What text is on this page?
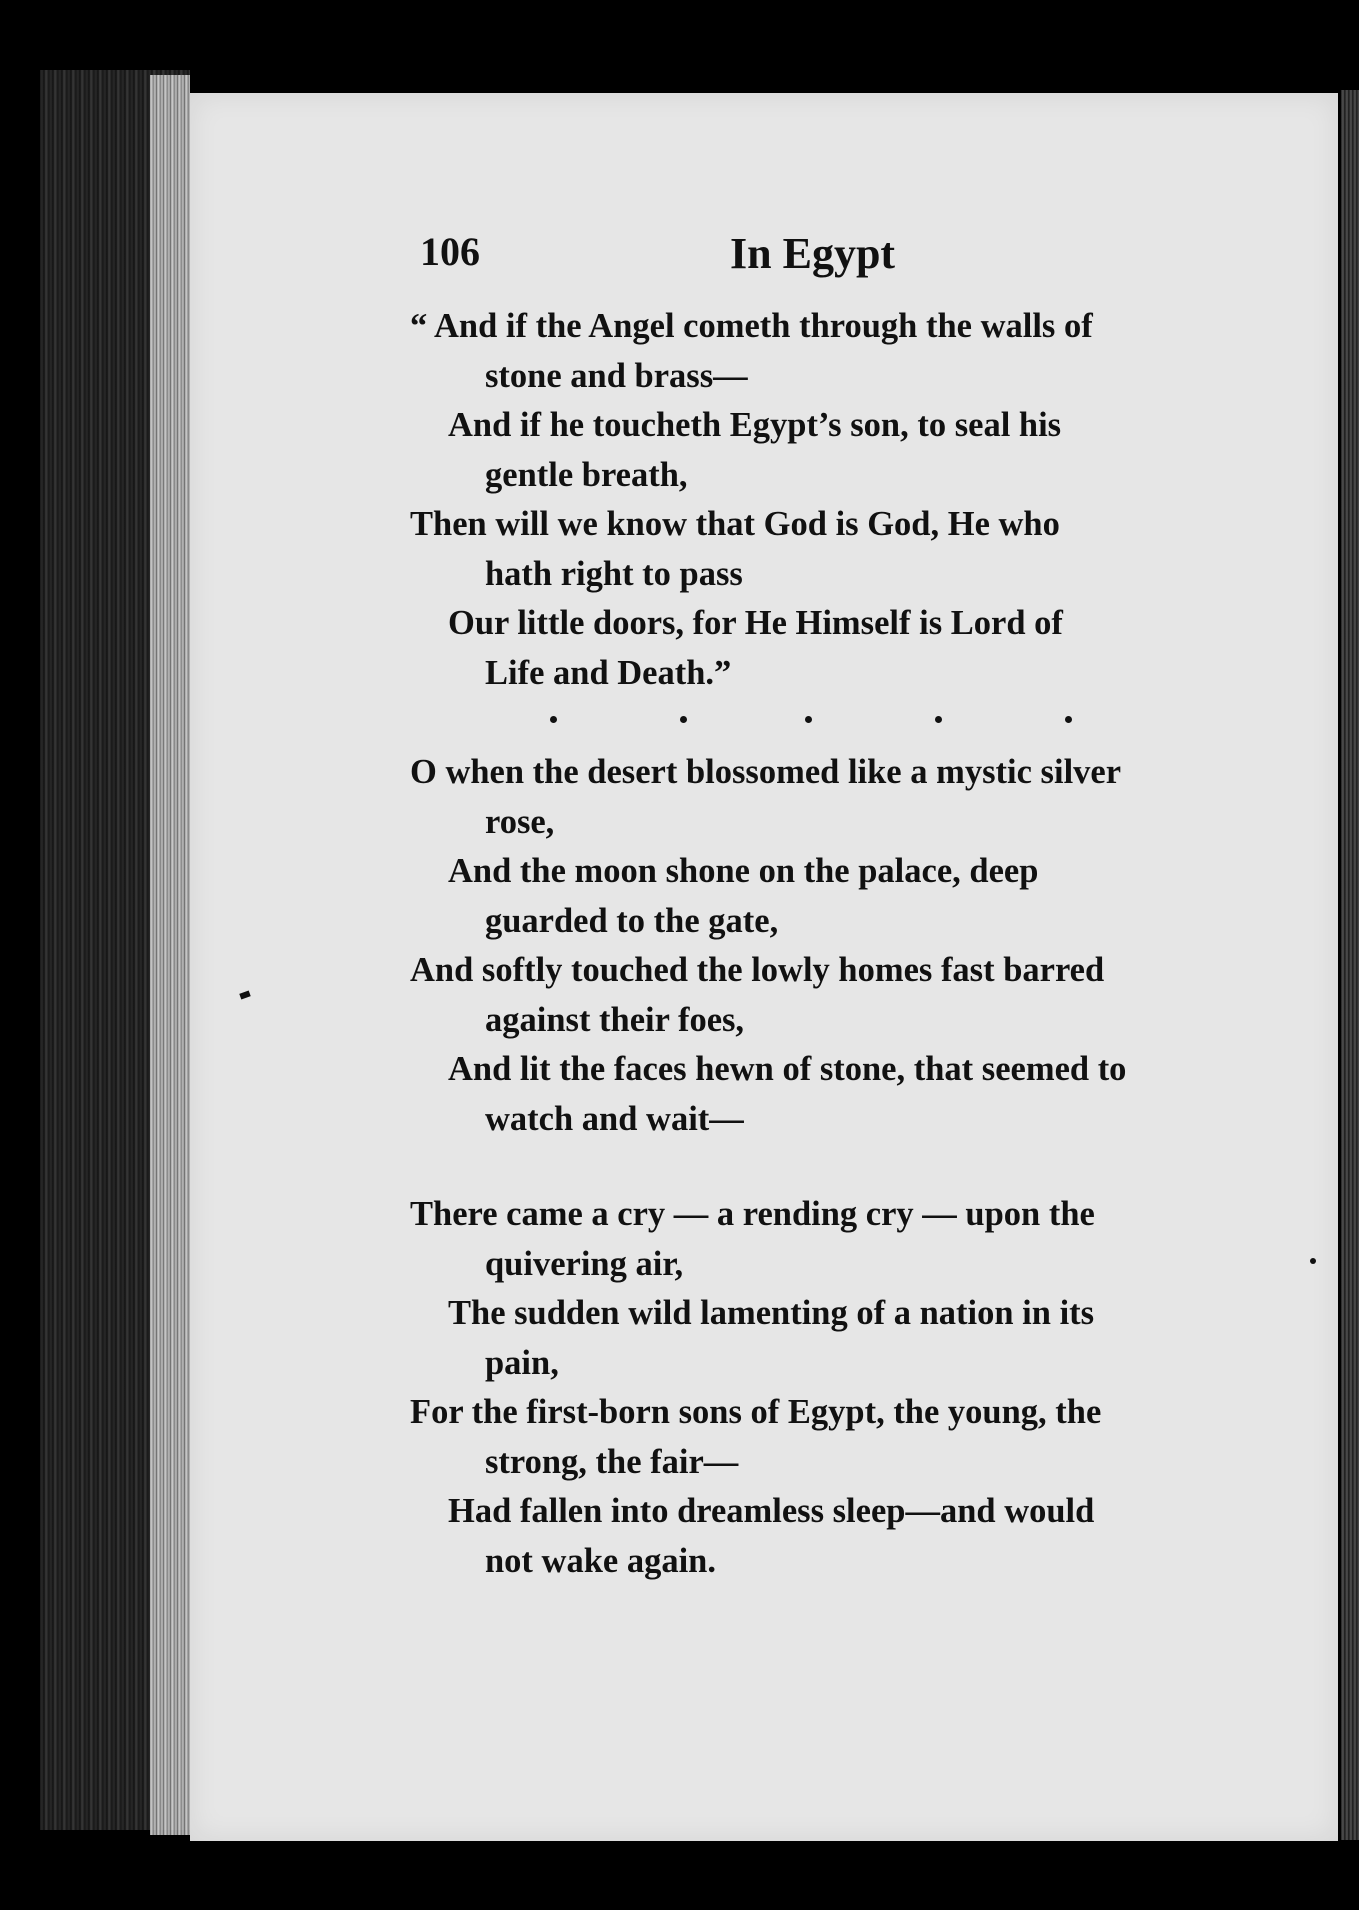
106	In Egypt
“ And if the Angel cometh through the walls of
stone and brass—
And if he toucheth Egypt’s son, to seal his
gentle breath,
Then will we know that God is God, He who
hath right to pass
Our little doors, for He Himself is Lord of
Life and Death.”
O when the desert blossomed like a mystic silver
rose,
And the moon shone on the palace, deep
guarded to the gate,
And softly touched the lowly homes fast barred
against their foes,
And lit the faces hewn of stone, that seemed to
watch and wait—
There came a cry — a rending cry — upon the
quivering air,
The sudden wild lamenting of a nation in its
pain,
For the first-born sons of Egypt, the young, the
strong, the fair—
Had fallen into dreamless sleep—and would
not wake again.
